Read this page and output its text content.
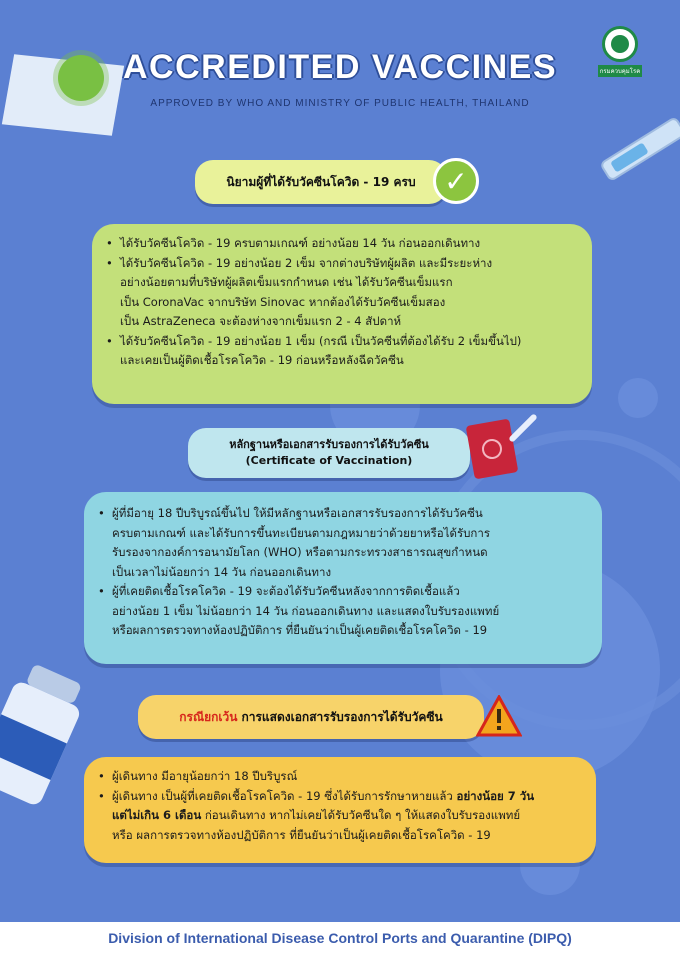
ACCREDITED VACCINES
APPROVED BY WHO AND MINISTRY OF PUBLIC HEALTH, THAILAND
กรมควบคุมโรค
นิยามผู้ที่ได้รับวัคซีนโควิด - 19 ครบ	✓
• ได้รับวัคซีนโควิด - 19 ครบตามเกณฑ์ อย่างน้อย 14 วัน ก่อนออกเดินทาง
• ได้รับวัคซีนโควิด - 19 อย่างน้อย 2 เข็ม จากต่างบริษัทผู้ผลิต และมีระยะห่าง
อย่างน้อยตามที่บริษัทผู้ผลิตเข็มแรกกำหนด เช่น ได้รับวัคซีนเข็มแรก
เป็น CoronaVac จากบริษัท Sinovac หากต้องได้รับวัคซีนเข็มสอง
เป็น AstraZeneca จะต้องห่างจากเข็มแรก 2 - 4 สัปดาห์
• ได้รับวัคซีนโควิด - 19 อย่างน้อย 1 เข็ม (กรณี เป็นวัคซีนที่ต้องได้รับ 2 เข็มขึ้นไป)
และเคยเป็นผู้ติดเชื้อโรคโควิด - 19 ก่อนหรือหลังฉีดวัคซีน
หลักฐานหรือเอกสารรับรองการได้รับวัคซีน
(Certificate of Vaccination)
• ผู้ที่มีอายุ 18 ปีบริบูรณ์ขึ้นไป ให้มีหลักฐานหรือเอกสารรับรองการได้รับวัคซีน
ครบตามเกณฑ์ และได้รับการขึ้นทะเบียนตามกฎหมายว่าด้วยยาหรือได้รับการ
รับรองจากองค์การอนามัยโลก (WHO) หรือตามกระทรวงสาธารณสุขกำหนด
เป็นเวลาไม่น้อยกว่า 14 วัน ก่อนออกเดินทาง
• ผู้ที่เคยติดเชื้อโรคโควิด - 19 จะต้องได้รับวัคซีนหลังจากการติดเชื้อแล้ว
อย่างน้อย 1 เข็ม ไม่น้อยกว่า 14 วัน ก่อนออกเดินทาง และแสดงใบรับรองแพทย์
หรือผลการตรวจทางห้องปฏิบัติการ ที่ยืนยันว่าเป็นผู้เคยติดเชื้อโรคโควิด - 19
กรณียกเว้น การแสดงเอกสารรับรองการได้รับวัคซีน
• ผู้เดินทาง มีอายุน้อยกว่า 18 ปีบริบูรณ์
• ผู้เดินทาง เป็นผู้ที่เคยติดเชื้อโรคโควิด - 19 ซึ่งได้รับการรักษาหายแล้ว อย่างน้อย 7 วัน
แต่ไม่เกิน 6 เดือน ก่อนเดินทาง หากไม่เคยได้รับวัคซีนใด ๆ ให้แสดงใบรับรองแพทย์
หรือ ผลการตรวจทางห้องปฏิบัติการ ที่ยืนยันว่าเป็นผู้เคยติดเชื้อโรคโควิด - 19
Division of International Disease Control Ports and Quarantine (DIPQ)
